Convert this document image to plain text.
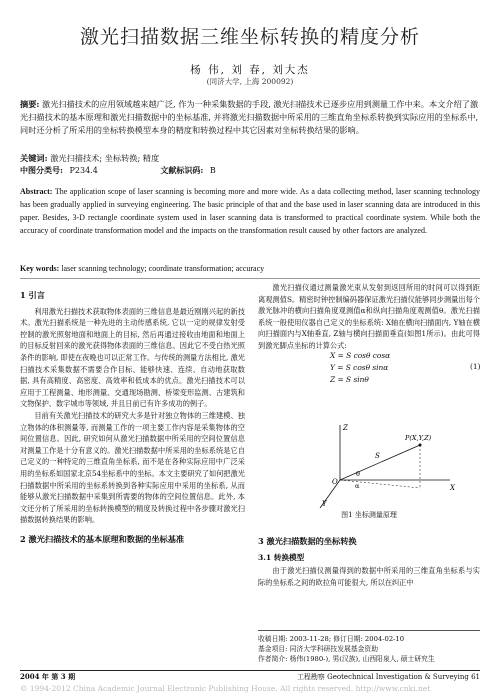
激光扫描数据三维坐标转换的精度分析
杨 伟, 刘 春, 刘大杰
(同济大学, 上海 200092)
摘要: 激光扫描技术的应用领域越来越广泛, 作为一种采集数据的手段, 激光扫描技术已逐步应用到测量工作中来。本文介绍了激光扫描技术的基本原理和激光扫描数据中的坐标基准, 并将激光扫描数据中所采用的三维直角坐标系转换到实际应用的坐标系中, 同时还分析了所采用的坐标转换模型本身的精度和转换过程中其它因素对坐标转换结果的影响。
关键词: 激光扫描技术; 坐标转换; 精度
中图分类号: P234.4	文献标识码: B
Abstract: The application scope of laser scanning is becoming more and more wide. As a data collecting method, laser scanning technology has been gradually applied in surveying engineering. The basic principle of that and the base used in laser scanning data are introduced in this paper. Besides, 3-D rectangle coordinate system used in laser scanning data is transformed to practical coordinate system. While both the accuracy of coordinate transformation model and the impacts on the transformation result caused by other factors are analyzed.
Key words: laser scanning technology; coordinate transformation; accuracy
1 引言

利用激光扫描技术获取物体表面的三维信息是最近刚刚兴起的新技术。激光扫描系统是一种先进的主动传感系统, 它以一定的规律发射受控制的激光照射地面和地面上的目标, 然后再通过接收由地面和地面上的目标反射回来的激光获得物体表面的三维信息。因此它不受白热光照条件的影响, 即使在夜晚也可以正常工作。与传统的测量方法相比, 激光扫描技术采集数据不需要合作目标、能够快速、连续、自动地获取数据, 具有高精度、高密度、高效率和低成本的优点。激光扫描技术可以应用于工程测量、地形测量、交通现场勘测、桥梁变形监测、古建筑和文物保护、数字城市等领域, 并且日前已有许多成功的例子。

目前有关激光扫描技术的研究大多是针对独立物体的三维建模、独立物体的体积测量等, 而测量工作的一项主要工作内容是采集物体的空间位置信息。因此, 研究如何从激光扫描数据中所采用的空间位置信息对测量工作是十分有意义的。激光扫描数据中所采用的坐标系统是它自己定义的一种特定的三维直角坐标系, 而不是在各种实际应用中广泛采用的坐标系如国家北京54坐标系中的坐标。本文主要研究了如何把激光扫描数据中所采用的坐标系转换到各种实际应用中采用的坐标系, 从而能够从激光扫描数据中采集到所需要的物体的空间位置信息。此外, 本文还分析了所采用的坐标转换模型的精度及转换过程中各步骤对激光扫描数据转换结果的影响。

2 激光扫描技术的基本原理和数据的坐标基准

激光扫描仪通过测量激光束从发射到返回所用的时间可以得到距离观测值S。精密时钟控制编码器保证激光扫描仪能够同步测量出每个激光脉冲的横向扫描角度观测值α和纵向扫描角度观测值θ。激光扫描系统一般使用仪器自己定义的坐标系统: X轴在横向扫描面内, Y轴在横向扫描面内与X轴垂直, Z轴与横向扫描面垂直(如图1所示)。由此可得到激光脚点坐标的计算公式:

X = S cosθ cosα
Y = S cosθ sinα
Z = S sinθ
(1)
Z
X
Y
O
P(X,Y,Z)
S
θ
α
图1 坐标测量原理
3 激光扫描数据的坐标转换
3.1 转换模型

由于激光扫描仪测量得到的数据中所采用的三维直角坐标系与实际的坐标系之间的欧拉角可能很大, 所以在纠正中

收稿日期: 2003-11-28; 修订日期: 2004-02-10
基金项目: 同济大学科研技发展基金资助
作者简介: 杨伟(1980-), 男(汉族), 山西阳泉人, 硕士研究生
2004 年 第 3 期	工程勘察 Geotechnical Investigation & Surveying 61
© 1994-2012 China Academic Journal Electronic Publishing House. All rights reserved. http://www.cnki.net
